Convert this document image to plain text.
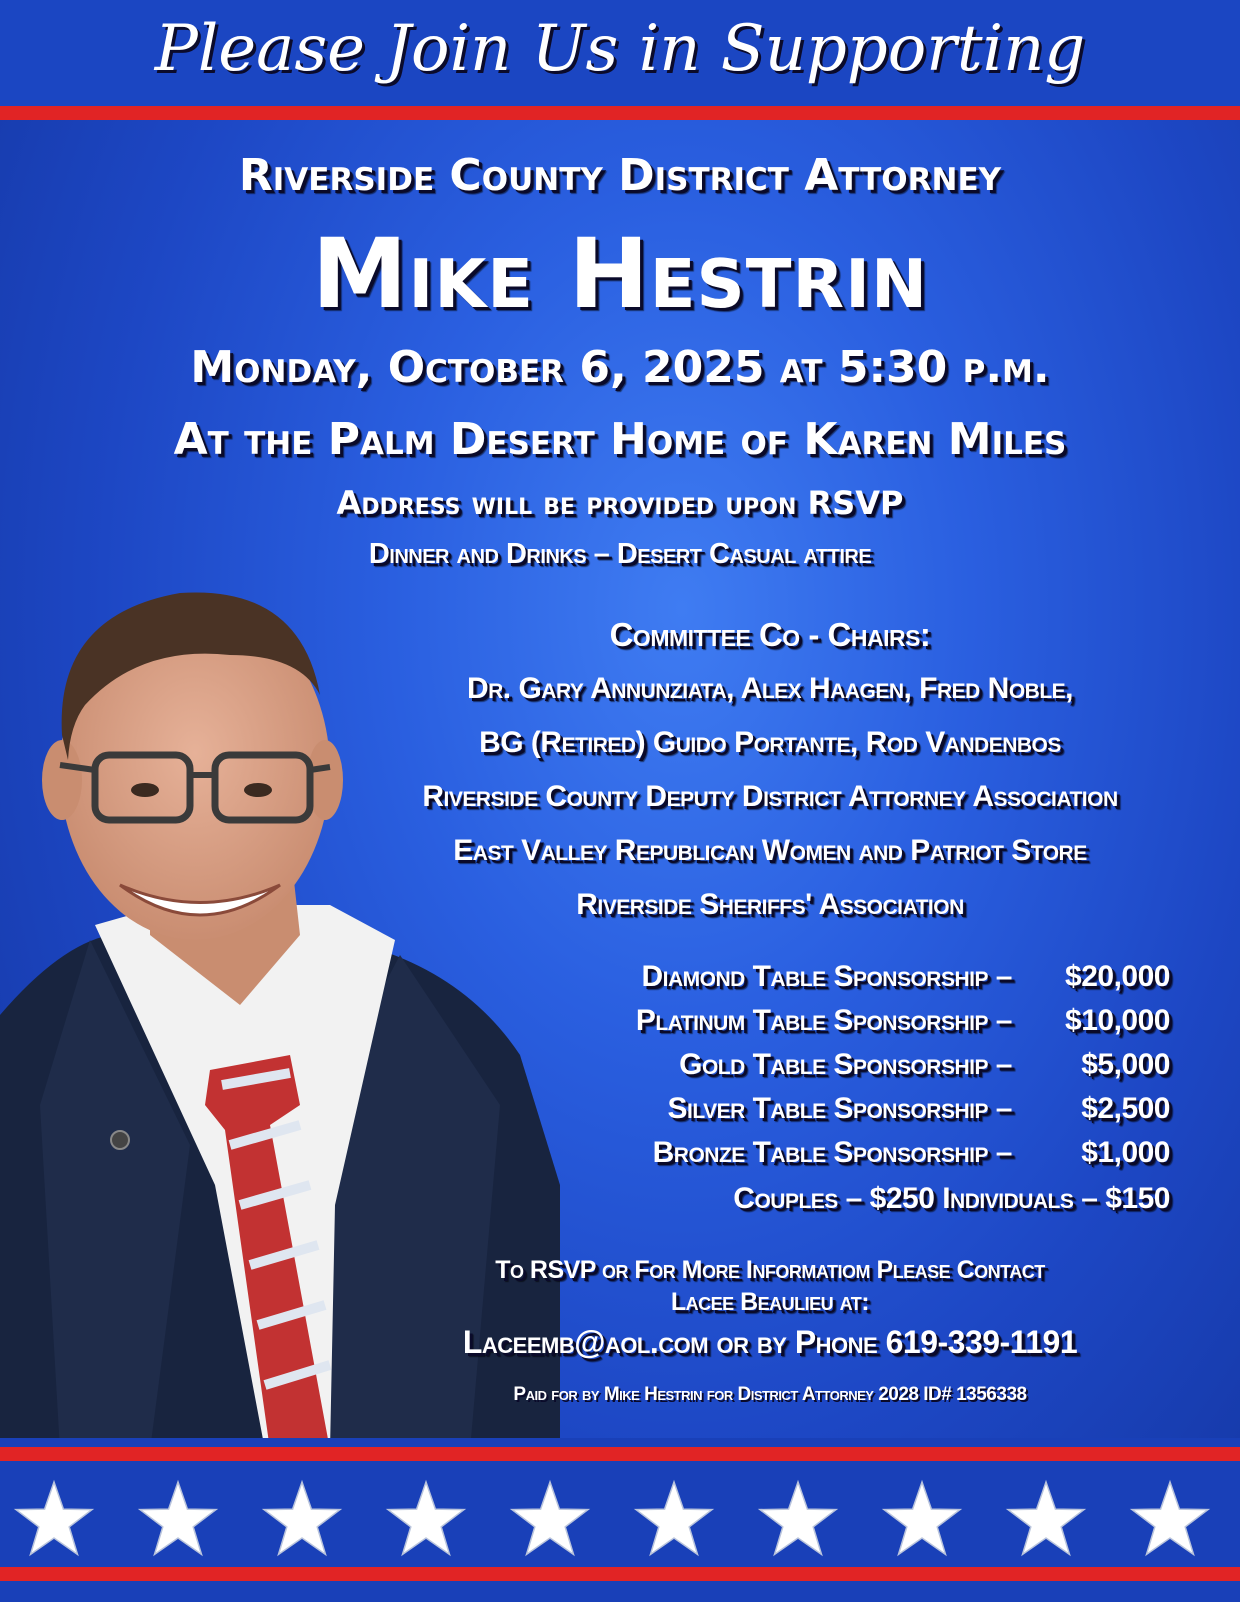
Please Join Us in Supporting
Riverside County District Attorney
Mike Hestrin
Monday, October 6, 2025 at 5:30 p.m.
At the Palm Desert Home of Karen Miles
Address will be provided upon RSVP
Dinner and Drinks – Desert Casual attire
Committee Co - Chairs:
Dr. Gary Annunziata, Alex Haagen, Fred Noble,
BG (Retired) Guido Portante, Rod Vandenbos
Riverside County Deputy District Attorney Association
East Valley Republican Women and Patriot Store
Riverside Sheriffs' Association
Diamond Table Sponsorship –	$20,000
Platinum Table Sponsorship –	$10,000
Gold Table Sponsorship –	$5,000
Silver Table Sponsorship –	$2,500
Bronze Table Sponsorship –	$1,000
Couples – $250 Individuals – $150
To RSVP or For More Informatiom Please Contact
Lacee Beaulieu at:
Laceemb@aol.com or by Phone 619-339-1191
Paid for by Mike Hestrin for District Attorney 2028 ID# 1356338
